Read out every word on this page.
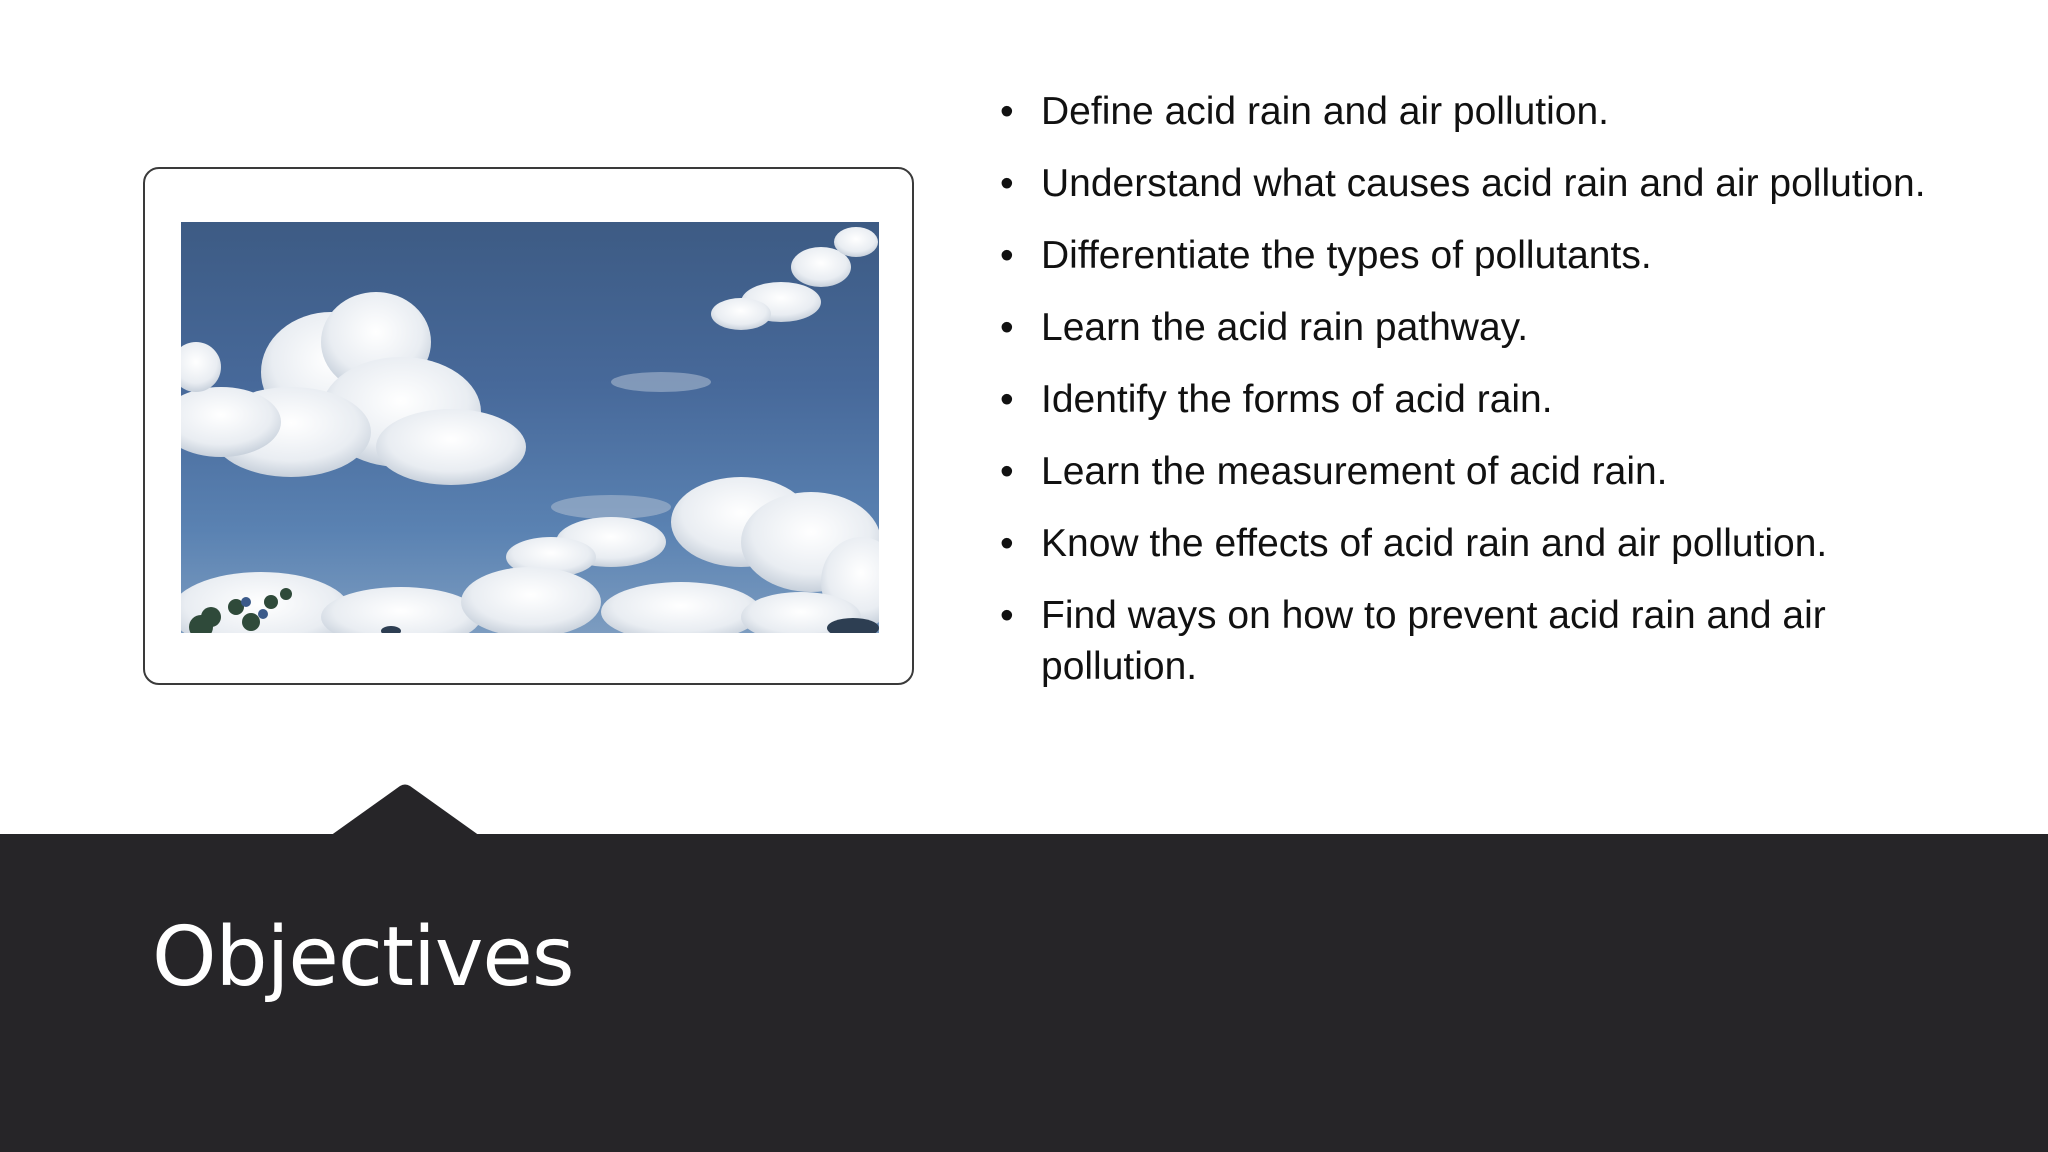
• Define acid rain and air pollution.
• Understand what causes acid rain and air pollution.
• Differentiate the types of pollutants.
• Learn the acid rain pathway.
• Identify the forms of acid rain.
• Learn the measurement of acid rain.
• Know the effects of acid rain and air pollution.
• Find ways on how to prevent acid rain and air pollution.
Objectives
